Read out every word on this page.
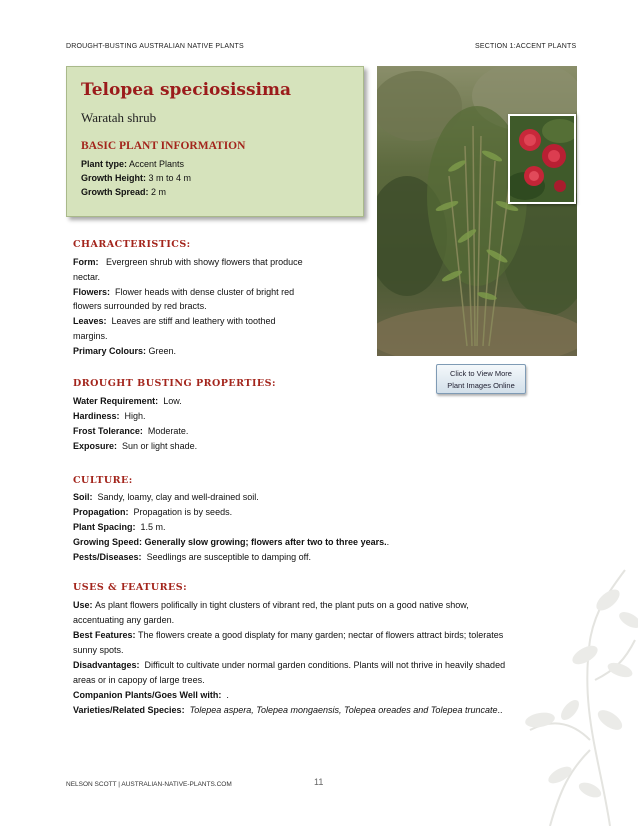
DROUGHT-BUSTING AUSTRALIAN NATIVE PLANTS	SECTION 1:ACCENT PLANTS
Telopea speciosissima
Waratah shrub
BASIC PLANT INFORMATION
Plant type: Accent Plants
Growth Height: 3 m to 4 m
Growth Spread: 2 m
Click to View More
Plant Images Online
CHARACTERISTICS:
Form: Evergreen shrub with showy flowers that produce
nectar.
Flowers: Flower heads with dense cluster of bright red
flowers surrounded by red bracts.
Leaves: Leaves are stiff and leathery with toothed
margins.
Primary Colours: Green.
DROUGHT BUSTING PROPERTIES:
Water Requirement: Low.
Hardiness: High.
Frost Tolerance: Moderate.
Exposure: Sun or light shade.
CULTURE:
Soil: Sandy, loamy, clay and well-drained soil.
Propagation: Propagation is by seeds.
Plant Spacing: 1.5 m.
Growing Speed: Generally slow growing; flowers after two to three years..
Pests/Diseases: Seedlings are susceptible to damping off.
USES & FEATURES:
Use: As plant flowers polifically in tight clusters of vibrant red, the plant puts on a good native show,
accentuating any garden.
Best Features: The flowers create a good displaty for many garden; nectar of flowers attract birds; tolerates
sunny spots.
Disadvantages: Difficult to cultivate under normal garden conditions. Plants will not thrive in heavily shaded
areas or in capopy of large trees.
Companion Plants/Goes Well with: .
Varieties/Related Species: Tolepea aspera, Tolepea mongaensis, Tolepea oreades and Tolepea truncate..
NELSON SCOTT | AUSTRALIAN-NATIVE-PLANTS.COM	11
